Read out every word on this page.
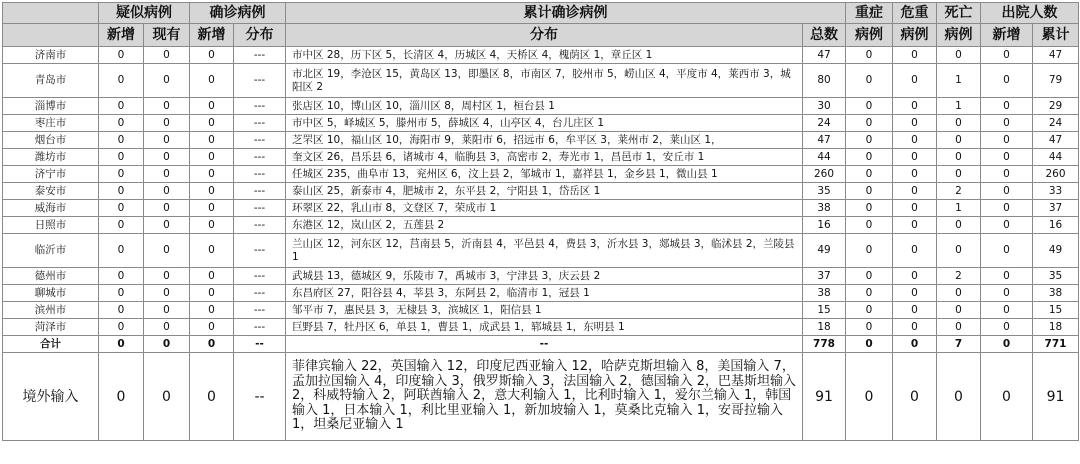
	疑似病例		确诊病例		累计确诊病例		重症	危重	死亡	出院人数	
	新增	现有	新增	分布	分布	总数	病例	病例	病例	新增	累计
济南市	0	0	0	---	市中区 28，历下区 5，长清区 4，历城区 4，天桥区 4，槐荫区 1，章丘区 1	47	0	0	0	0	47
青岛市	0	0	0	---	市北区 19，李沧区 15，黄岛区 13，即墨区 8，市南区 7，胶州市 5，崂山区 4，平度市 4，莱西市 3，城阳区 2	80	0	0	1	0	79
淄博市	0	0	0	---	张店区 10，博山区 10，淄川区 8，周村区 1，桓台县 1	30	0	0	1	0	29
枣庄市	0	0	0	---	市中区 5，峄城区 5，滕州市 5，薛城区 4，山亭区 4，台儿庄区 1	24	0	0	0	0	24
烟台市	0	0	0	---	芝罘区 10，福山区 10，海阳市 9，莱阳市 6，招远市 6，牟平区 3，莱州市 2，莱山区 1，	47	0	0	0	0	47
潍坊市	0	0	0	---	奎文区 26，昌乐县 6，诸城市 4，临朐县 3，高密市 2，寿光市 1，昌邑市 1，安丘市 1	44	0	0	0	0	44
济宁市	0	0	0	---	任城区 235，曲阜市 13，兖州区 6，汶上县 2，邹城市 1，嘉祥县 1，金乡县 1，微山县 1	260	0	0	0	0	260
泰安市	0	0	0	---	泰山区 25，新泰市 4，肥城市 2，东平县 2，宁阳县 1，岱岳区 1	35	0	0	2	0	33
威海市	0	0	0	---	环翠区 22，乳山市 8，文登区 7，荣成市 1	38	0	0	1	0	37
日照市	0	0	0	---	东港区 12，岚山区 2，五莲县 2	16	0	0	0	0	16
临沂市	0	0	0	---	兰山区 12，河东区 12，莒南县 5，沂南县 4，平邑县 4，费县 3，沂水县 3，郯城县 3，临沭县 2，兰陵县 1	49	0	0	0	0	49
德州市	0	0	0	---	武城县 13，德城区 9，乐陵市 7，禹城市 3，宁津县 3，庆云县 2	37	0	0	2	0	35
聊城市	0	0	0	---	东昌府区 27，阳谷县 4，莘县 3，东阿县 2，临清市 1，冠县 1	38	0	0	0	0	38
滨州市	0	0	0	---	邹平市 7，惠民县 3，无棣县 3，滨城区 1，阳信县 1	15	0	0	0	0	15
菏泽市	0	0	0	---	巨野县 7，牡丹区 6，单县 1，曹县 1，成武县 1，郓城县 1，东明县 1	18	0	0	0	0	18
合计	0	0	0	--	--	778	0	0	7	0	771
境外输入	0	0	0	--	菲律宾输入 22，英国输入 12，印度尼西亚输入 12，哈萨克斯坦输入 8，美国输入 7，孟加拉国输入 4，印度输入 3，俄罗斯输入 3，法国输入 2，德国输入 2，巴基斯坦输入 2，科威特输入 2，阿联酋输入 2，意大利输入 1，比利时输入 1，爱尔兰输入 1，韩国输入 1，日本输入 1，利比里亚输入 1，新加坡输入 1，莫桑比克输入 1，安哥拉输入 1，坦桑尼亚输入 1	91	0	0	0	0	91
